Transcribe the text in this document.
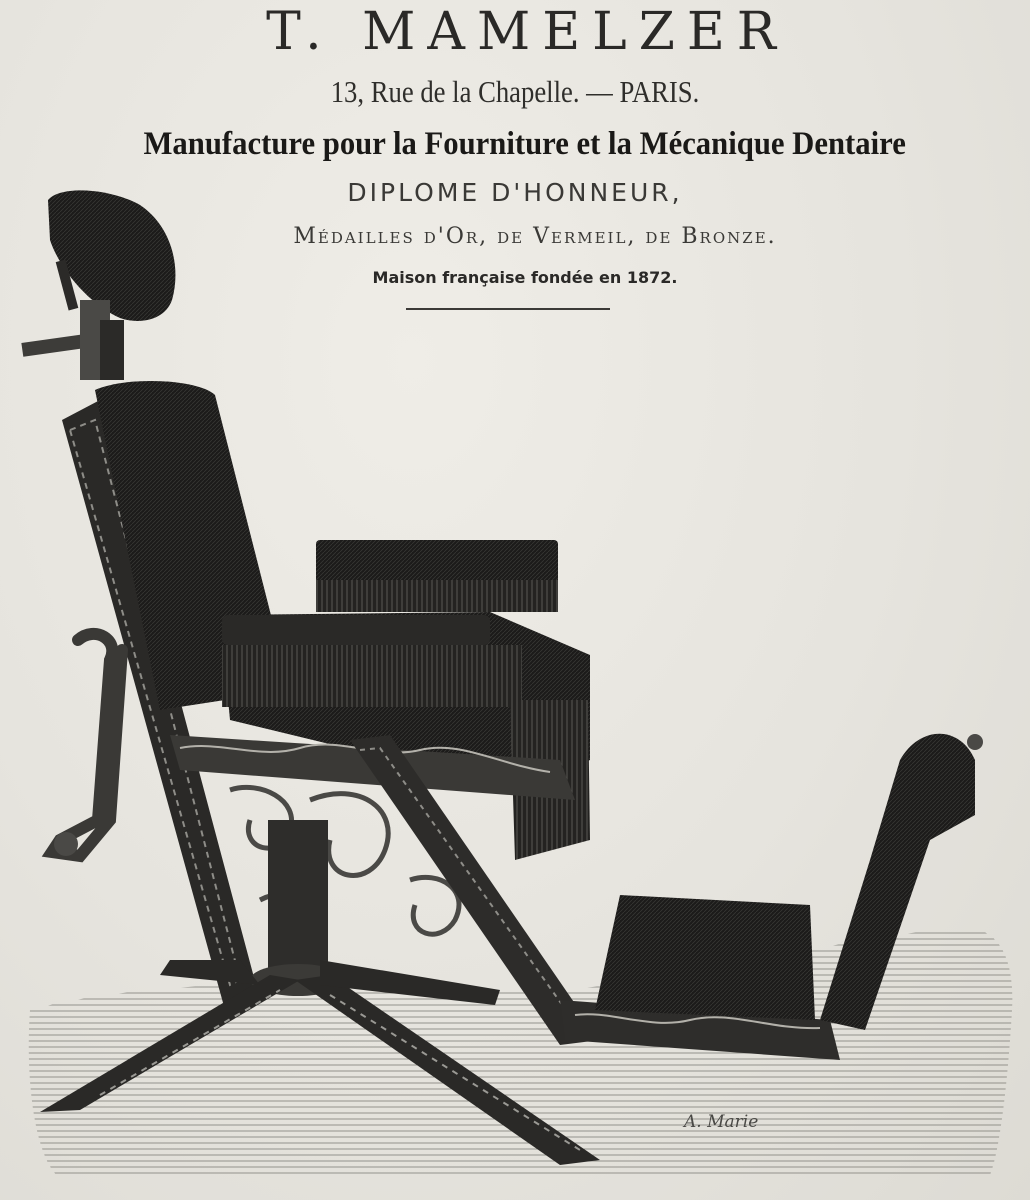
T. MAMELZER
13, Rue de la Chapelle. — PARIS.
Manufacture pour la Fourniture et la Mécanique Dentaire
DIPLOME D'HONNEUR,
Médailles d'Or, de Vermeil, de Bronze.
Maison française fondée en 1872.
A. Marie
